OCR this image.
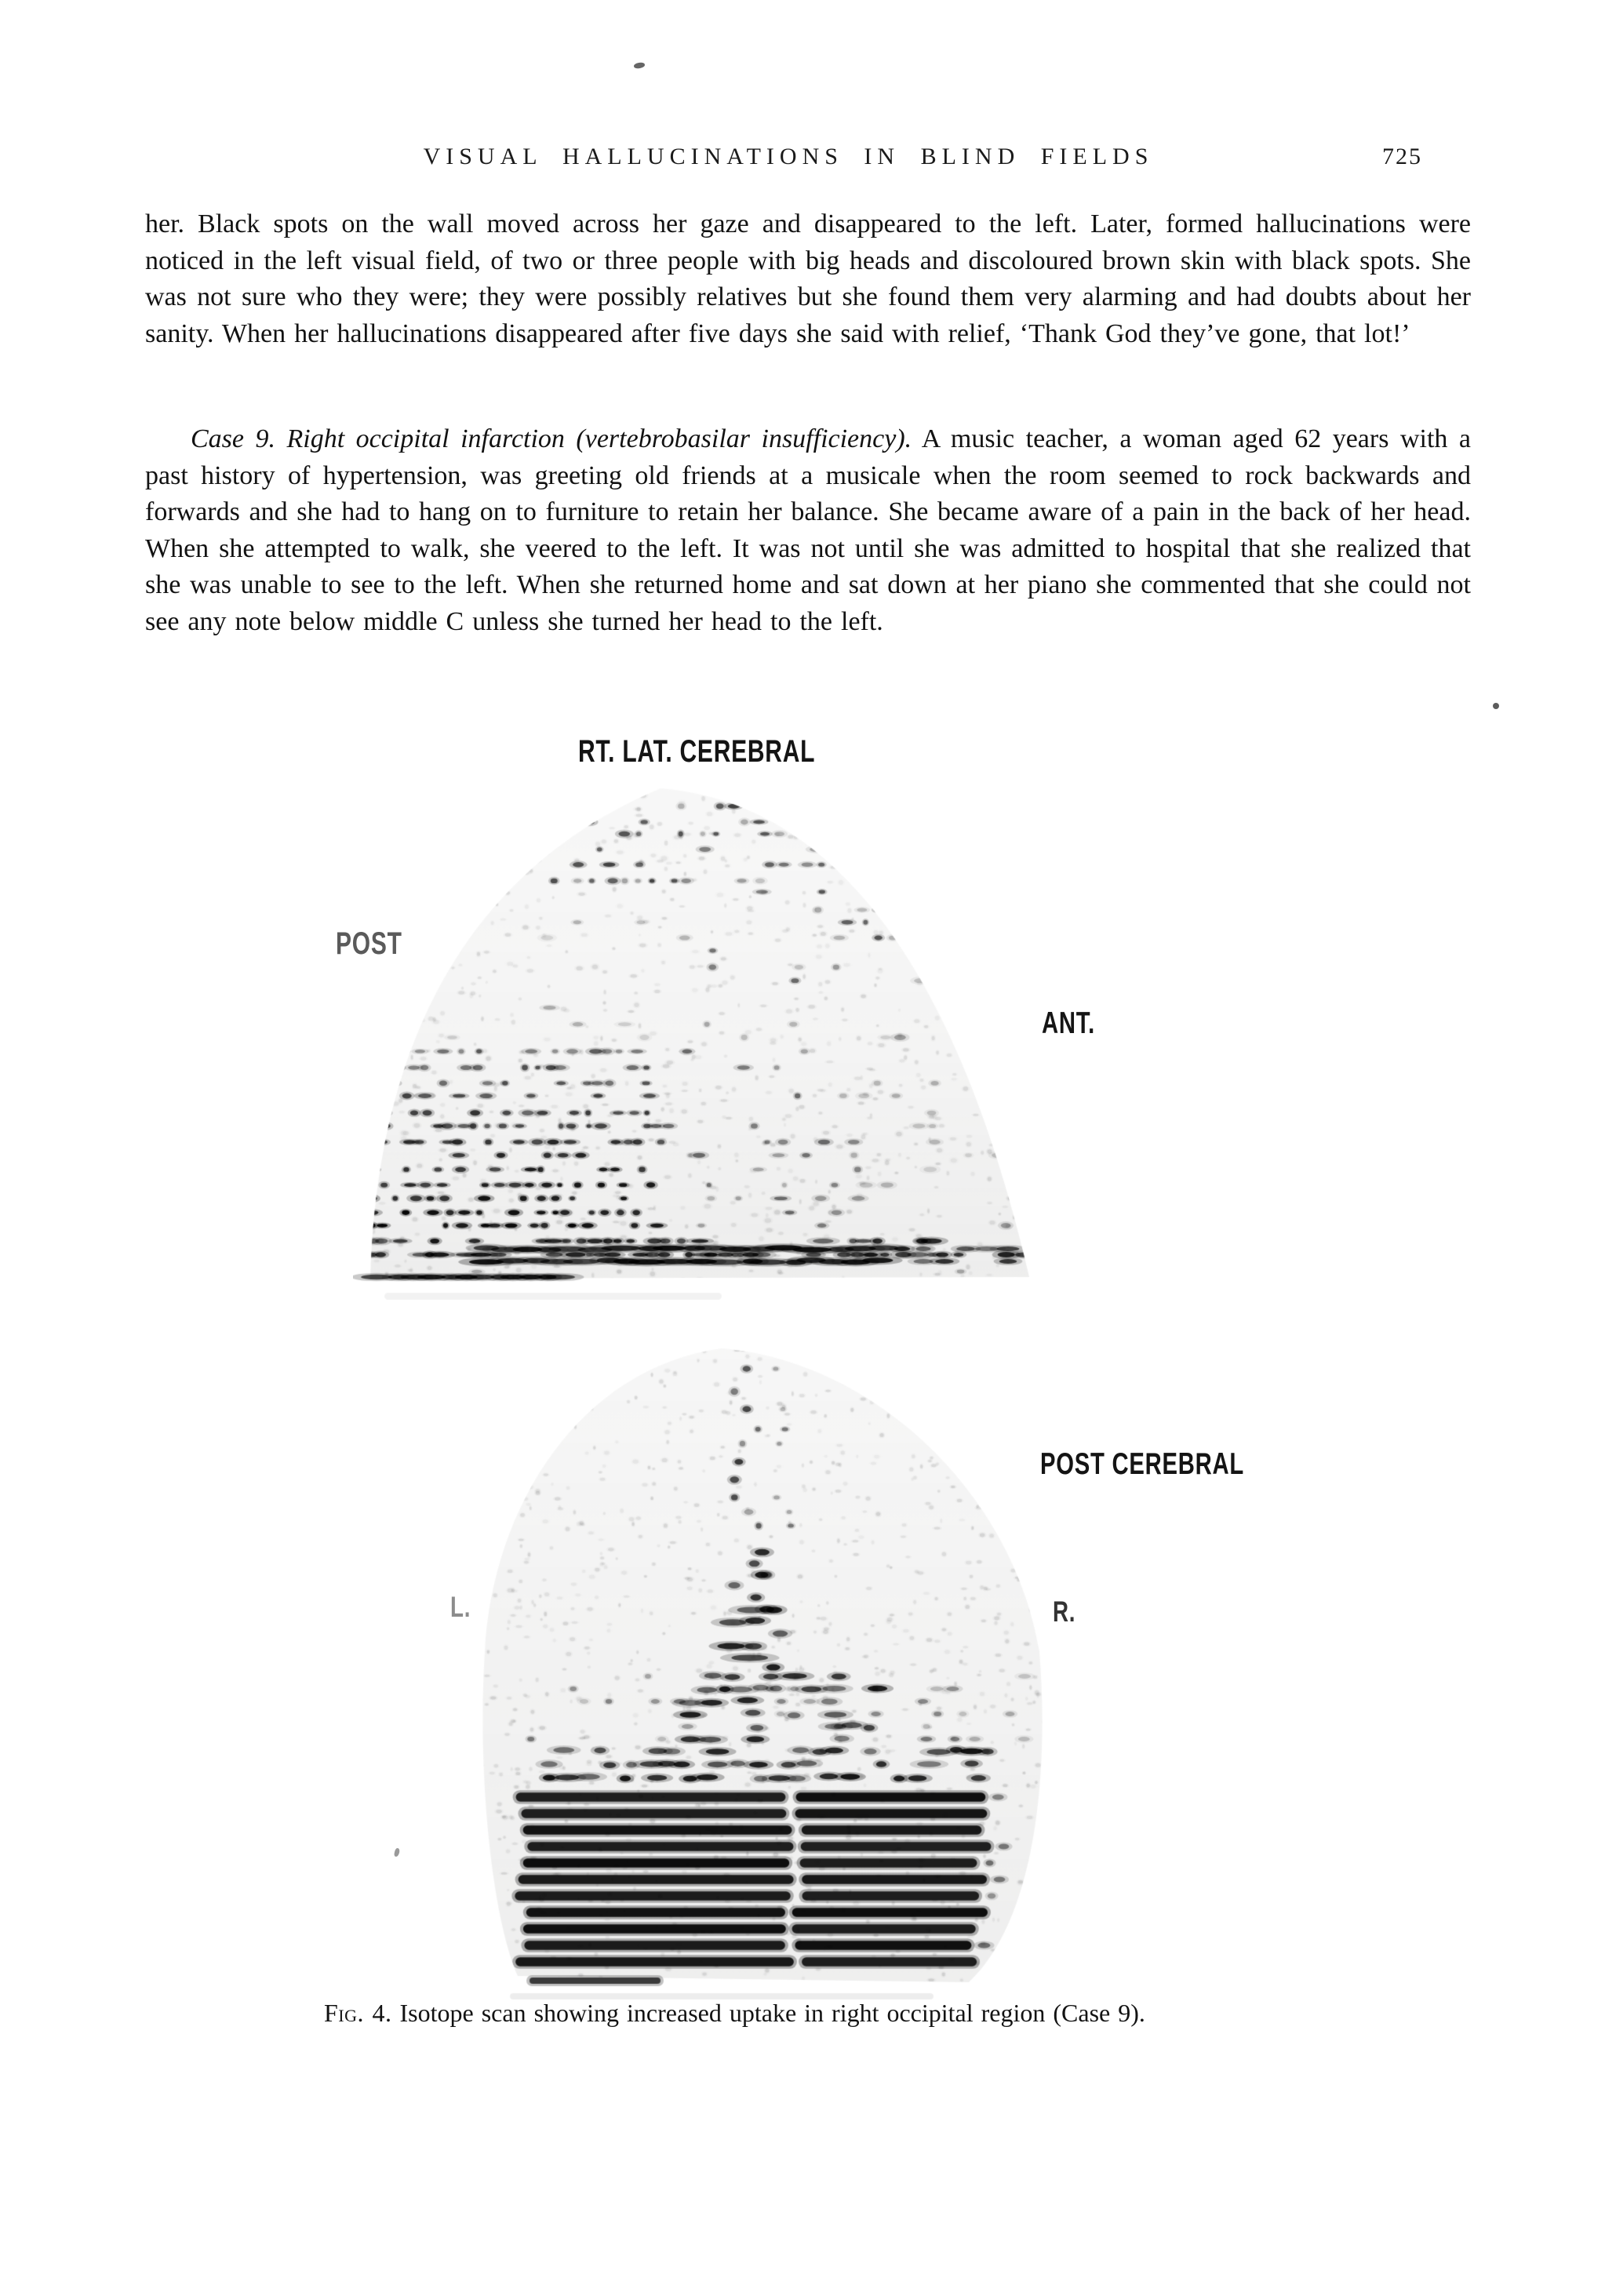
VISUAL HALLUCINATIONS IN BLIND FIELDS	725

her. Black spots on the wall moved across her gaze and disappeared to the left. Later, formed hallucinations were noticed in the left visual field, of two or three people with big heads and discoloured brown skin with black spots. She was not sure who they were; they were possibly relatives but she found them very alarming and had doubts about her sanity. When her hallucinations disappeared after five days she said with relief, ‘Thank God they’ve gone, that lot!’

Case 9. Right occipital infarction (vertebrobasilar insufficiency). A music teacher, a woman aged 62 years with a past history of hypertension, was greeting old friends at a musicale when the room seemed to rock backwards and forwards and she had to hang on to furniture to retain her balance. She became aware of a pain in the back of her head. When she attempted to walk, she veered to the left. It was not until she was admitted to hospital that she realized that she was unable to see to the left. When she returned home and sat down at her piano she commented that she could not see any note below middle C unless she turned her head to the left.

RT. LAT. CEREBRAL
POST
ANT.
POST CEREBRAL
L.	R.
Fig. 4. Isotope scan showing increased uptake in right occipital region (Case 9).
